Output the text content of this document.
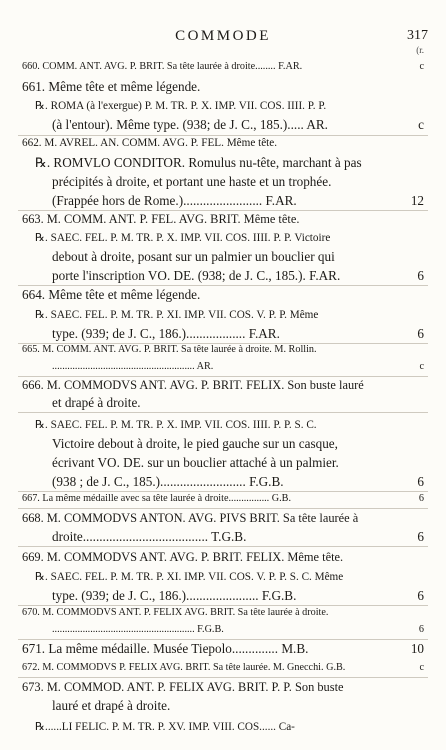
COMMODE	317
(r.
660. COMM. ANT. AVG. P. BRIT. Sa tête laurée à droite........ F.AR.	c
661. Même tête et même légende.
℞. ROMA (à l'exergue) P. M. TR. P. X. IMP. VII. COS. IIII. P. P.
(à l'entour). Même type. (938; de J. C., 185.)..... AR.	c
662. M. AVREL. AN. COMM. AVG. P. FEL. Même tête.
℞. ROMVLO CONDITOR. Romulus nu-tête, marchant à pas
précipités à droite, et portant une haste et un trophée.
(Frappée hors de Rome.)........................ F.AR.	12
663. M. COMM. ANT. P. FEL. AVG. BRIT. Même tête.
℞. SAEC. FEL. P. M. TR. P. X. IMP. VII. COS. IIII. P. P. Victoire
debout à droite, posant sur un palmier un bouclier qui
porte l'inscription VO. DE. (938; de J. C., 185.). F.AR.	6
664. Même tête et même légende.
℞. SAEC. FEL. P. M. TR. P. XI. IMP. VII. COS. V. P. P. Même
type. (939; de J. C., 186.).................. F.AR.	6
665. M. COMM. ANT. AVG. P. BRIT. Sa tête laurée à droite. M. Rollin.
........................................................ AR.	c
666. M. COMMODVS ANT. AVG. P. BRIT. FELIX. Son buste lauré
et drapé à droite.
℞. SAEC. FEL. P. M. TR. P. X. IMP. VII. COS. IIII. P. P. S. C.
Victoire debout à droite, le pied gauche sur un casque,
écrivant VO. DE. sur un bouclier attaché à un palmier.
(938 ; de J. C., 185.).......................... F.G.B.	6
667. La même médaille avec sa tête laurée à droite................ G.B.	6
668. M. COMMODVS ANTON. AVG. PIVS BRIT. Sa tête laurée à
droite...................................... T.G.B.	6
669. M. COMMODVS ANT. AVG. P. BRIT. FELIX. Même tête.
℞. SAEC. FEL. P. M. TR. P. XI. IMP. VII. COS. V. P. P. S. C. Même
type. (939; de J. C., 186.)...................... F.G.B.	6
670. M. COMMODVS ANT. P. FELIX AVG. BRIT. Sa tête laurée à droite.
........................................................ F.G.B.	6
671. La même médaille. Musée Tiepolo.............. M.B.	10
672. M. COMMODVS P. FELIX AVG. BRIT. Sa tête laurée. M. Gnecchi. G.B.	c
673. M. COMMOD. ANT. P. FELIX AVG. BRIT. P. P. Son buste
lauré et drapé à droite.
℞......LI FELIC. P. M. TR. P. XV. IMP. VIII. COS...... Ca-
